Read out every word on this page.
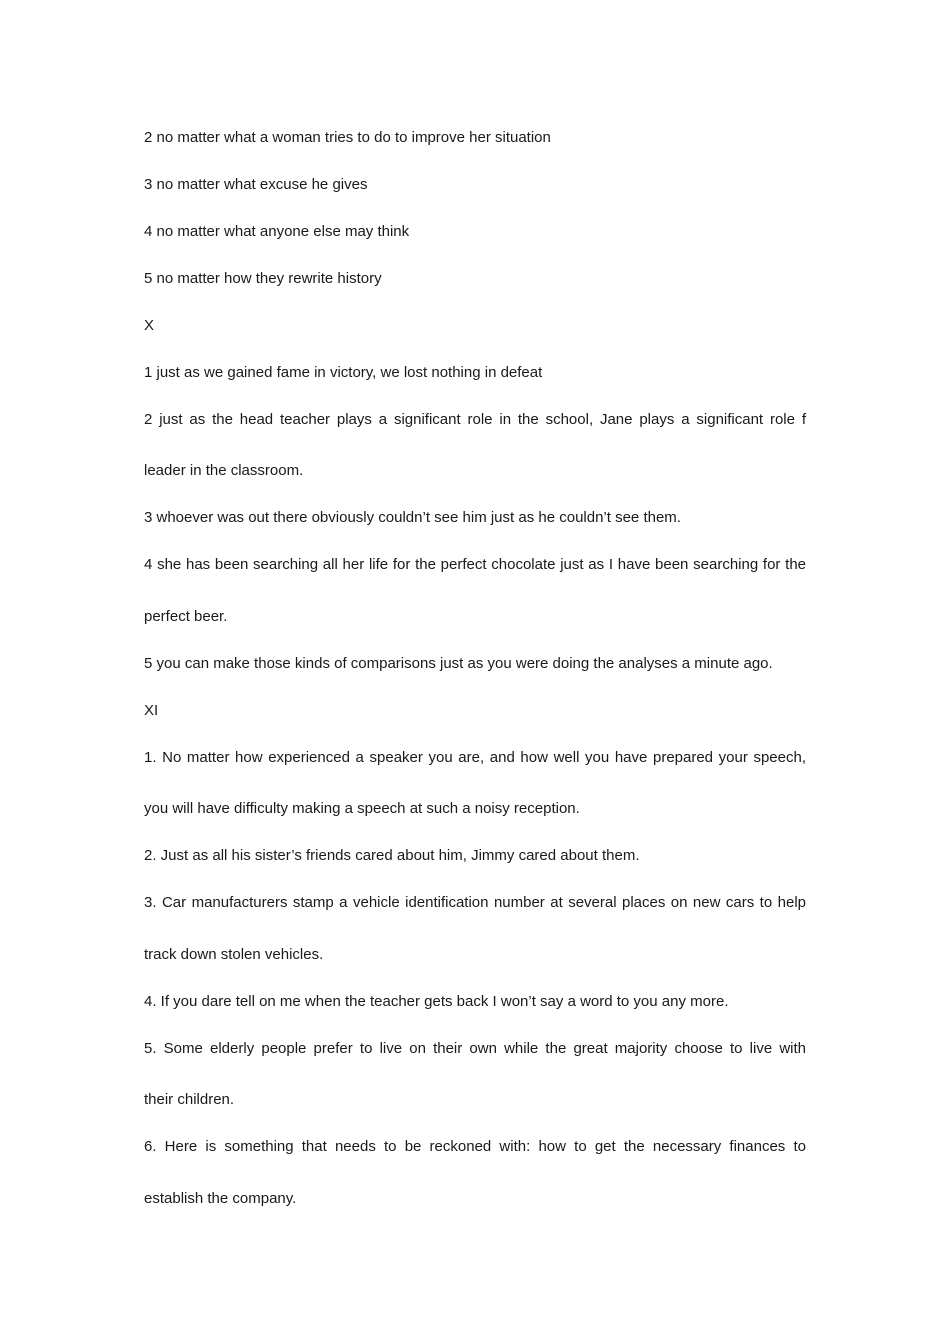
2 no matter what a woman tries to do to improve her situation
3 no matter what excuse he gives
4 no matter what anyone else may think
5 no matter how they rewrite history
X
1 just as we gained fame in victory, we lost nothing in defeat
2 just as the head teacher plays a significant role in the school, Jane plays a significant role f
leader in the classroom.
3 whoever was out there obviously couldn’t see him just as he couldn’t see them.
4 she has been searching all her life for the perfect chocolate just as I have been searching for the
perfect beer.
5 you can make those kinds of comparisons just as you were doing the analyses a minute ago.
XI
1. No matter how experienced a speaker you are, and how well you have prepared your speech,
you will have difficulty making a speech at such a noisy reception.
2. Just as all his sister’s friends cared about him, Jimmy cared about them.
3. Car manufacturers stamp a vehicle identification number at several places on new cars to help
track down stolen vehicles.
4. If you dare tell on me when the teacher gets back I won’t say a word to you any more.
5. Some elderly people prefer to live on their own while the great majority choose to live with
their children.
6. Here is something that needs to be reckoned with: how to get the necessary finances to
establish the company.
